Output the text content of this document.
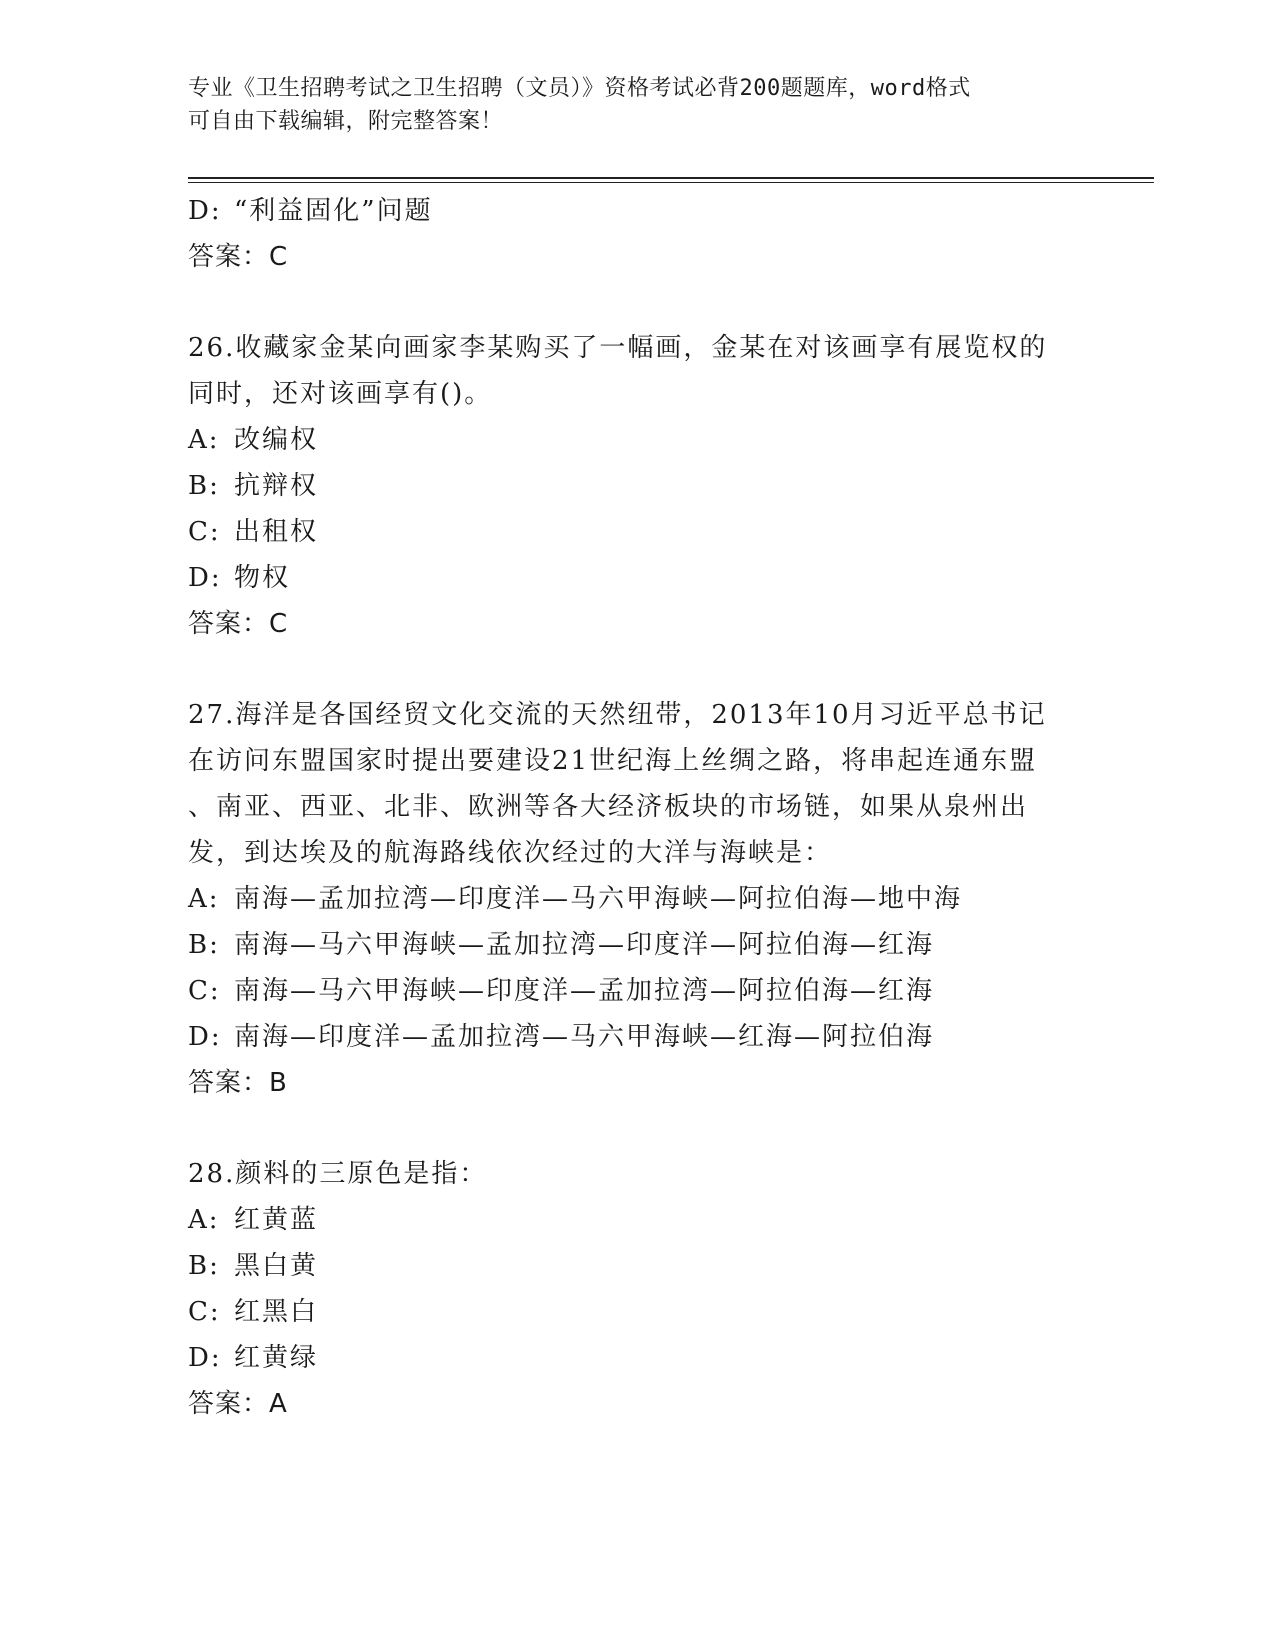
专业《卫生招聘考试之卫生招聘（文员）》资格考试必背200题题库，word格式
可自由下载编辑，附完整答案！
D: “利益固化”问题
答案：C
26.收藏家金某向画家李某购买了一幅画，金某在对该画享有展览权的
同时，还对该画享有()。
A: 改编权
B: 抗辩权
C: 出租权
D: 物权
答案：C
27.海洋是各国经贸文化交流的天然纽带，2013年10月习近平总书记
在访问东盟国家时提出要建设21世纪海上丝绸之路，将串起连通东盟
、南亚、西亚、北非、欧洲等各大经济板块的市场链，如果从泉州出
发，到达埃及的航海路线依次经过的大洋与海峡是：
A: 南海—孟加拉湾—印度洋—马六甲海峡—阿拉伯海—地中海
B: 南海—马六甲海峡—孟加拉湾—印度洋—阿拉伯海—红海
C: 南海—马六甲海峡—印度洋—孟加拉湾—阿拉伯海—红海
D: 南海—印度洋—孟加拉湾—马六甲海峡—红海—阿拉伯海
答案：B
28.颜料的三原色是指：
A: 红黄蓝
B: 黑白黄
C: 红黑白
D: 红黄绿
答案：A
